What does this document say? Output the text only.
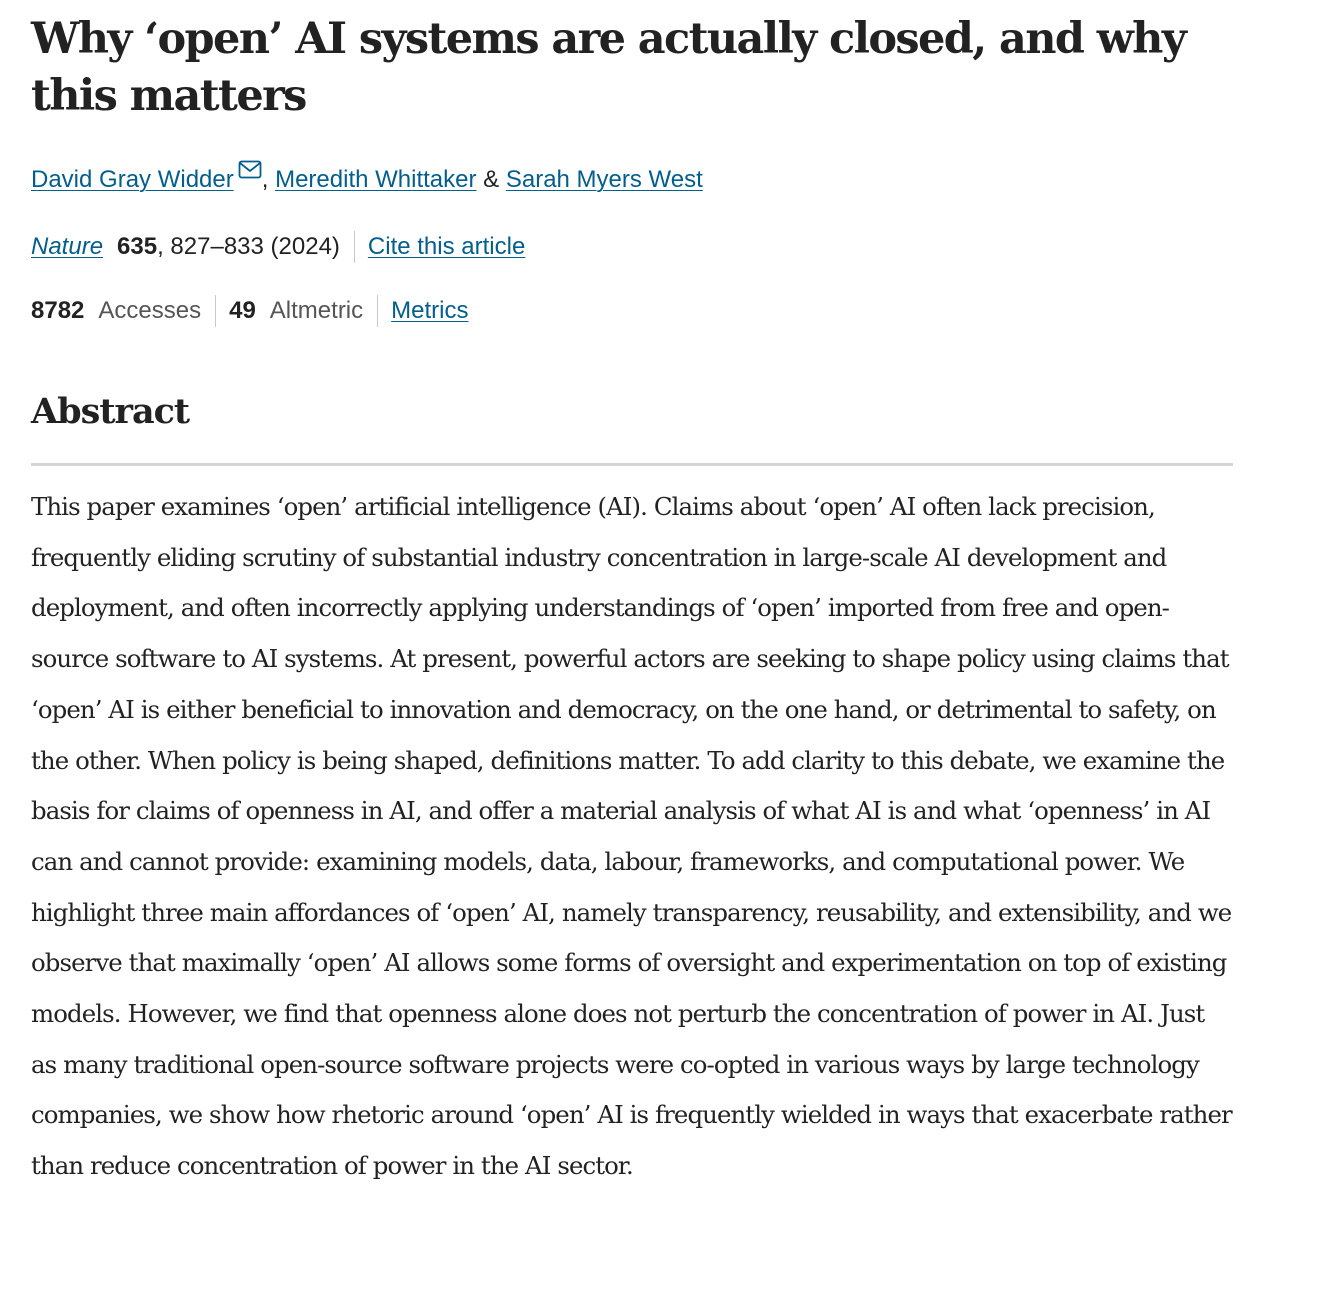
Why ‘open’ AI systems are actually closed, and why this matters
David Gray Widder , Meredith Whittaker & Sarah Myers West
Nature 635 , 827–833 (2024) Cite this article
8782 Accesses 49 Altmetric Metrics
Abstract

This paper examines ‘open’ artificial intelligence (AI). Claims about ‘open’ AI often lack precision, frequently eliding scrutiny of substantial industry concentration in large-scale AI development and deployment, and often incorrectly applying understandings of ‘open’ imported from free and open-source software to AI systems. At present, powerful actors are seeking to shape policy using claims that ‘open’ AI is either beneficial to innovation and democracy, on the one hand, or detrimental to safety, on the other. When policy is being shaped, definitions matter. To add clarity to this debate, we examine the basis for claims of openness in AI, and offer a material analysis of what AI is and what ‘openness’ in AI can and cannot provide: examining models, data, labour, frameworks, and computational power. We highlight three main affordances of ‘open’ AI, namely transparency, reusability, and extensibility, and we observe that maximally ‘open’ AI allows some forms of oversight and experimentation on top of existing models. However, we find that openness alone does not perturb the concentration of power in AI. Just as many traditional open-source software projects were co-opted in various ways by large technology companies, we show how rhetoric around ‘open’ AI is frequently wielded in ways that exacerbate rather than reduce concentration of power in the AI sector.
